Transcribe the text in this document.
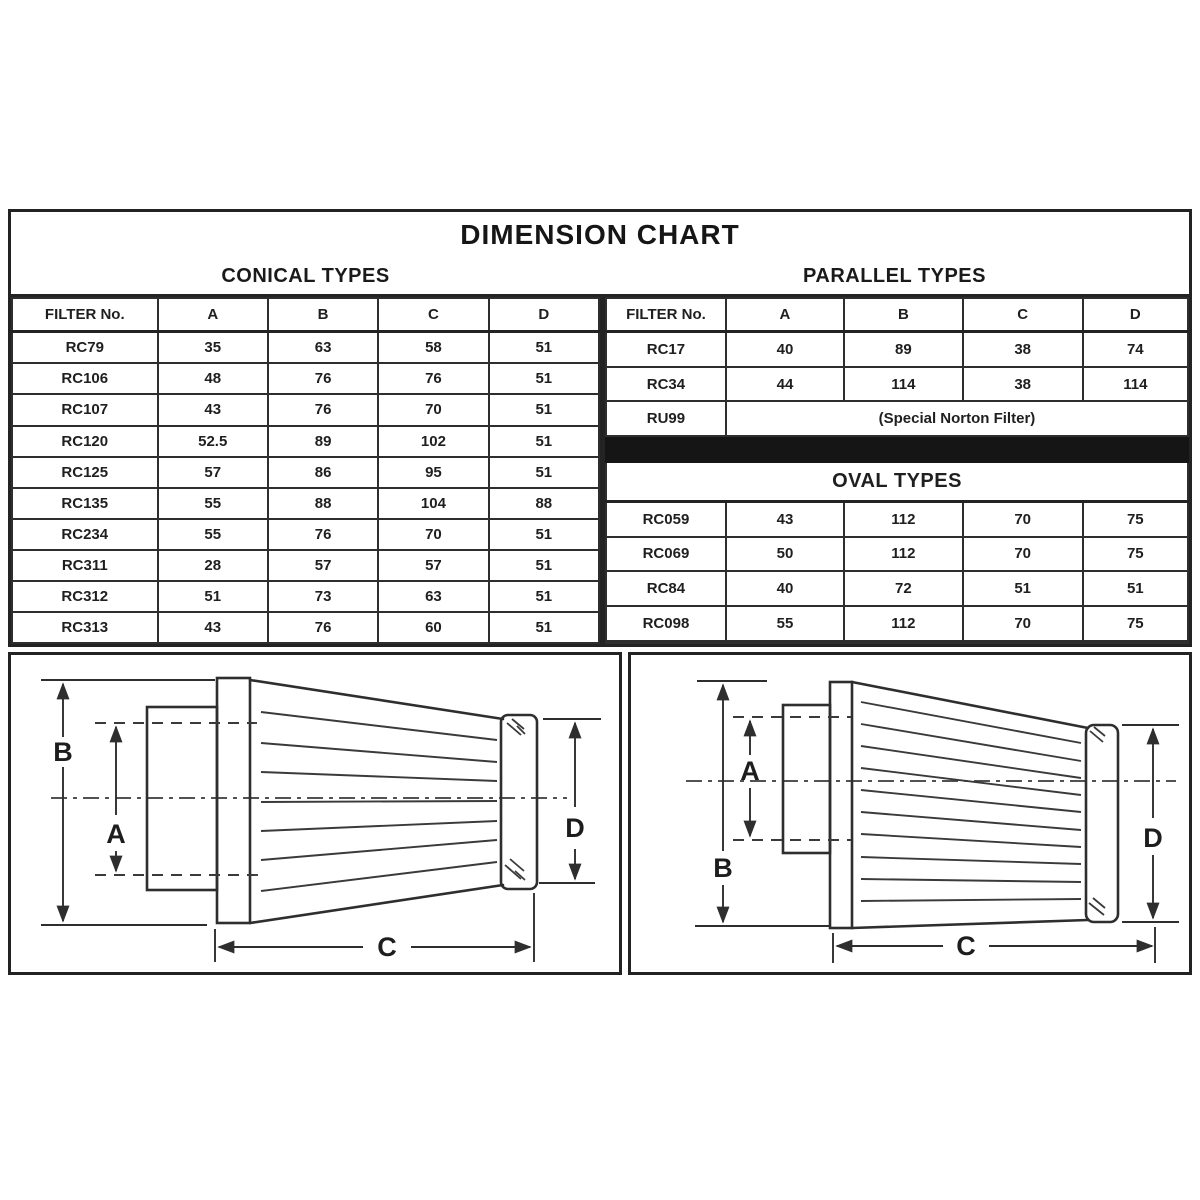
DIMENSION CHART
CONICAL TYPES	PARALLEL TYPES
FILTER No.	A	B	C	D
RC79	35	63	58	51
RC106	48	76	76	51
RC107	43	76	70	51
RC120	52.5	89	102	51
RC125	57	86	95	51
RC135	55	88	104	88
RC234	55	76	70	51
RC311	28	57	57	51
RC312	51	73	63	51
RC313	43	76	60	51
FILTER No.	A	B	C	D
RC17	40	89	38	74
RC34	44	114	38	114
RU99	(Special Norton Filter)			

OVAL TYPES				
RC059	43	112	70	75
RC069	50	112	70	75
RC84	40	72	51	51
RC098	55	112	70	75

B
A	D
C
B
A
D
C
